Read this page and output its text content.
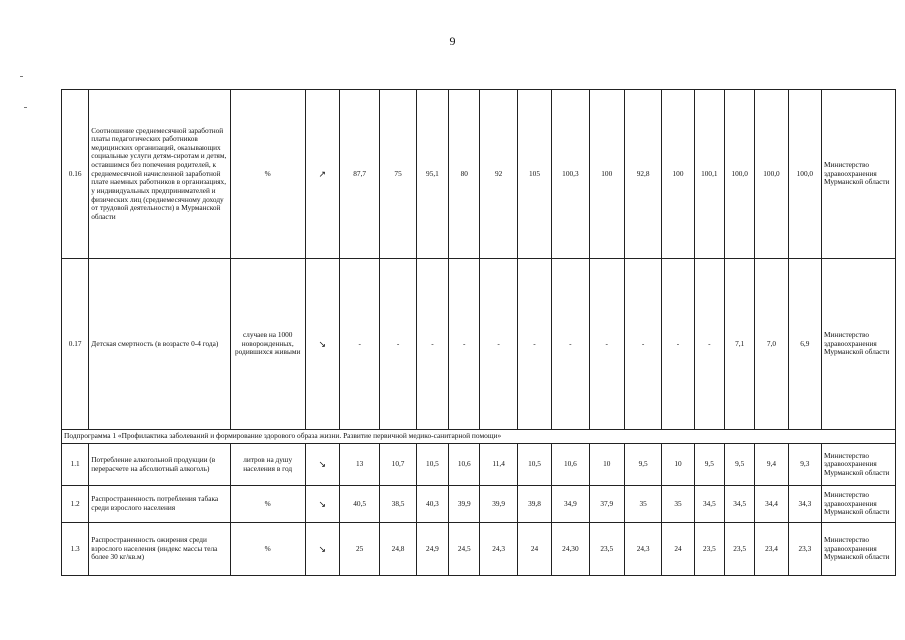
9
0.16	Соотношение среднемесячной заработной платы педагогических работников медицинских организаций, оказывающих социальные услуги детям-сиротам и детям, оставшимся без попечения родителей, к среднемесячной начисленной заработной плате наемных работников в организациях, у индивидуальных предпринимателей и физических лиц (среднемесячному доходу от трудовой деятельности) в Мурманской области	%	↗	87,7	75	95,1	80	92	105	100,3	100	92,8	100	100,1	100,0	100,0	100,0	Министерство здравоохранения Мурманской области
0.17	Детская смертность (в возрасте 0-4 года)	случаев на 1000 новорожденных, родившихся живыми	↘	-	-	-	-	-	-	-	-	-	-	-	7,1	7,0	6,9	Министерство здравоохранения Мурманской области
Подпрограмма 1 «Профилактика заболеваний и формирование здорового образа жизни. Развитие первичной медико-санитарной помощи»																		
1.1	Потребление алкогольной продукции (в перерасчете на абсолютный алкоголь)	литров на душу населения в год	↘	13	10,7	10,5	10,6	11,4	10,5	10,6	10	9,5	10	9,5	9,5	9,4	9,3	Министерство здравоохранения Мурманской области
1.2	Распространенность потребления табака среди взрослого населения	%	↘	40,5	38,5	40,3	39,9	39,9	39,8	34,9	37,9	35	35	34,5	34,5	34,4	34,3	Министерство здравоохранения Мурманской области
1.3	Распространенность ожирения среди взрослого населения (индекс массы тела более 30 кг/кв.м)	%	↘	25	24,8	24,9	24,5	24,3	24	24,30	23,5	24,3	24	23,5	23,5	23,4	23,3	Министерство здравоохранения Мурманской области
